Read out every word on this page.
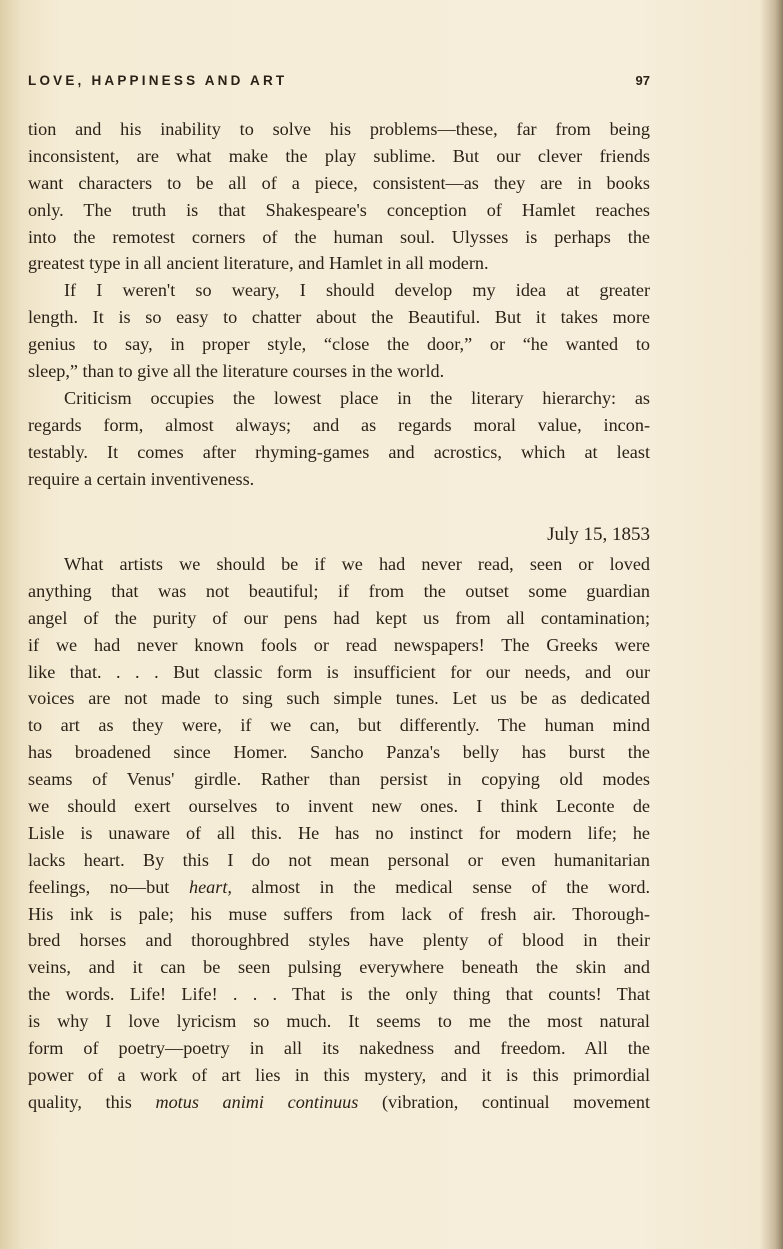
LOVE, HAPPINESS AND ART	97
tion and his inability to solve his problems—these, far from being
inconsistent, are what make the play sublime. But our clever friends
want characters to be all of a piece, consistent—as they are in books
only. The truth is that Shakespeare's conception of Hamlet reaches
into the remotest corners of the human soul. Ulysses is perhaps the
greatest type in all ancient literature, and Hamlet in all modern.
If I weren't so weary, I should develop my idea at greater
length. It is so easy to chatter about the Beautiful. But it takes more
genius to say, in proper style, “close the door,” or “he wanted to
sleep,” than to give all the literature courses in the world.
Criticism occupies the lowest place in the literary hierarchy: as
regards form, almost always; and as regards moral value, incon-
testably. It comes after rhyming-games and acrostics, which at least
require a certain inventiveness.
July 15, 1853
What artists we should be if we had never read, seen or loved
anything that was not beautiful; if from the outset some guardian
angel of the purity of our pens had kept us from all contamination;
if we had never known fools or read newspapers! The Greeks were
like that. . . . But classic form is insufficient for our needs, and our
voices are not made to sing such simple tunes. Let us be as dedicated
to art as they were, if we can, but differently. The human mind
has broadened since Homer. Sancho Panza's belly has burst the
seams of Venus' girdle. Rather than persist in copying old modes
we should exert ourselves to invent new ones. I think Leconte de
Lisle is unaware of all this. He has no instinct for modern life; he
lacks heart. By this I do not mean personal or even humanitarian
feelings, no—but heart, almost in the medical sense of the word.
His ink is pale; his muse suffers from lack of fresh air. Thorough-
bred horses and thoroughbred styles have plenty of blood in their
veins, and it can be seen pulsing everywhere beneath the skin and
the words. Life! Life! . . . That is the only thing that counts! That
is why I love lyricism so much. It seems to me the most natural
form of poetry—poetry in all its nakedness and freedom. All the
power of a work of art lies in this mystery, and it is this primordial
quality, this motus animi continuus (vibration, continual movement
